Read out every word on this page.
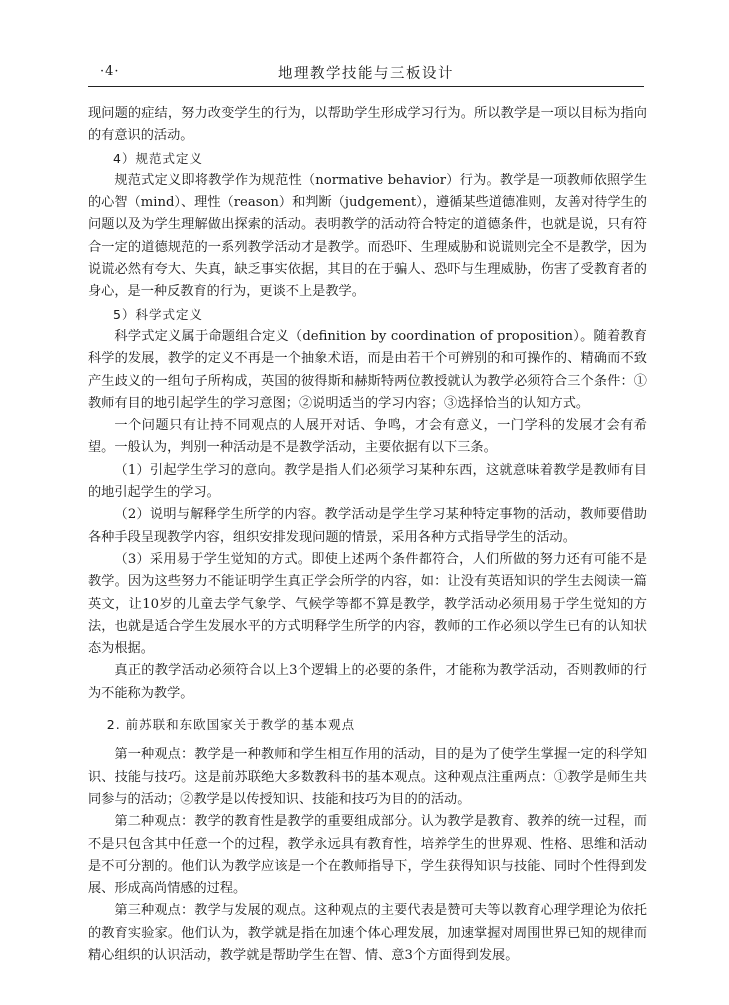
·4·	地理教学技能与三板设计

现问题的症结，努力改变学生的行为，以帮助学生形成学习行为。所以教学是一项以目标为指向的有意识的活动。

4）规范式定义

规范式定义即将教学作为规范性（normative behavior）行为。教学是一项教师依照学生的心智（mind）、理性（reason）和判断（judgement），遵循某些道德准则，友善对待学生的问题以及为学生理解做出探索的活动。表明教学的活动符合特定的道德条件，也就是说，只有符合一定的道德规范的一系列教学活动才是教学。而恐吓、生理威胁和说谎则完全不是教学，因为说谎必然有夸大、失真，缺乏事实依据，其目的在于骗人、恐吓与生理威胁，伤害了受教育者的身心，是一种反教育的行为，更谈不上是教学。

5）科学式定义

科学式定义属于命题组合定义（definition by coordination of proposition）。随着教育科学的发展，教学的定义不再是一个抽象术语，而是由若干个可辨别的和可操作的、精确而不致产生歧义的一组句子所构成，英国的彼得斯和赫斯特两位教授就认为教学必须符合三个条件：①教师有目的地引起学生的学习意图；②说明适当的学习内容；③选择恰当的认知方式。

一个问题只有让持不同观点的人展开对话、争鸣，才会有意义，一门学科的发展才会有希望。一般认为，判别一种活动是不是教学活动，主要依据有以下三条。

（1）引起学生学习的意向。教学是指人们必须学习某种东西，这就意味着教学是教师有目的地引起学生的学习。

（2）说明与解释学生所学的内容。教学活动是学生学习某种特定事物的活动，教师要借助各种手段呈现教学内容，组织安排发现问题的情景，采用各种方式指导学生的活动。

（3）采用易于学生觉知的方式。即使上述两个条件都符合，人们所做的努力还有可能不是教学。因为这些努力不能证明学生真正学会所学的内容，如：让没有英语知识的学生去阅读一篇英文，让10岁的儿童去学气象学、气候学等都不算是教学，教学活动必须用易于学生觉知的方法，也就是适合学生发展水平的方式明释学生所学的内容，教师的工作必须以学生已有的认知状态为根据。

真正的教学活动必须符合以上3个逻辑上的必要的条件，才能称为教学活动，否则教师的行为不能称为教学。

2. 前苏联和东欧国家关于教学的基本观点

第一种观点：教学是一种教师和学生相互作用的活动，目的是为了使学生掌握一定的科学知识、技能与技巧。这是前苏联绝大多数教科书的基本观点。这种观点注重两点：①教学是师生共同参与的活动；②教学是以传授知识、技能和技巧为目的的活动。

第二种观点：教学的教育性是教学的重要组成部分。认为教学是教育、教养的统一过程，而不是只包含其中任意一个的过程，教学永远具有教育性，培养学生的世界观、性格、思维和活动是不可分割的。他们认为教学应该是一个在教师指导下，学生获得知识与技能、同时个性得到发展、形成高尚情感的过程。

第三种观点：教学与发展的观点。这种观点的主要代表是赞可夫等以教育心理学理论为依托的教育实验家。他们认为，教学就是指在加速个体心理发展，加速掌握对周围世界已知的规律而精心组织的认识活动，教学就是帮助学生在智、情、意3个方面得到发展。
